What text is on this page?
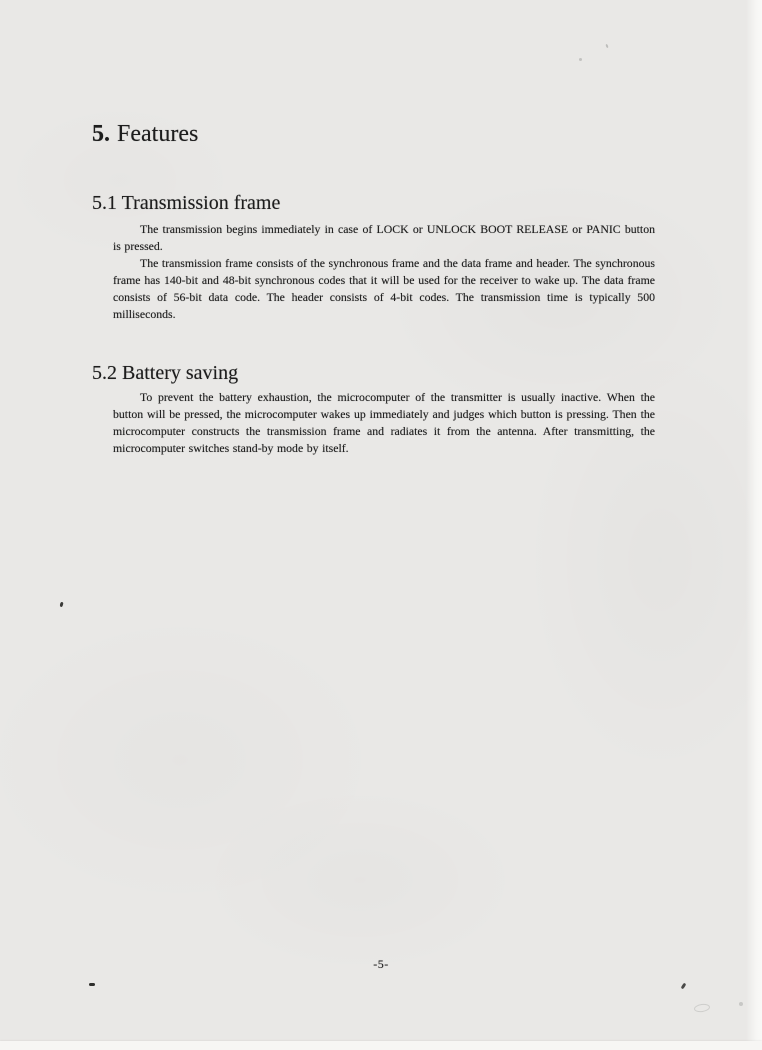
5. Features
5.1 Transmission frame

The transmission begins immediately in case of LOCK or UNLOCK BOOT RELEASE or PANIC button is pressed.

The transmission frame consists of the synchronous frame and the data frame and header. The synchronous frame has 140-bit and 48-bit synchronous codes that it will be used for the receiver to wake up. The data frame consists of 56-bit data code. The header consists of 4-bit codes. The transmission time is typically 500 milliseconds.

5.2 Battery saving

To prevent the battery exhaustion, the microcomputer of the transmitter is usually inactive. When the button will be pressed, the microcomputer wakes up immediately and judges which button is pressing. Then the microcomputer constructs the transmission frame and radiates it from the antenna. After transmitting, the microcomputer switches stand-by mode by itself.

-5-
